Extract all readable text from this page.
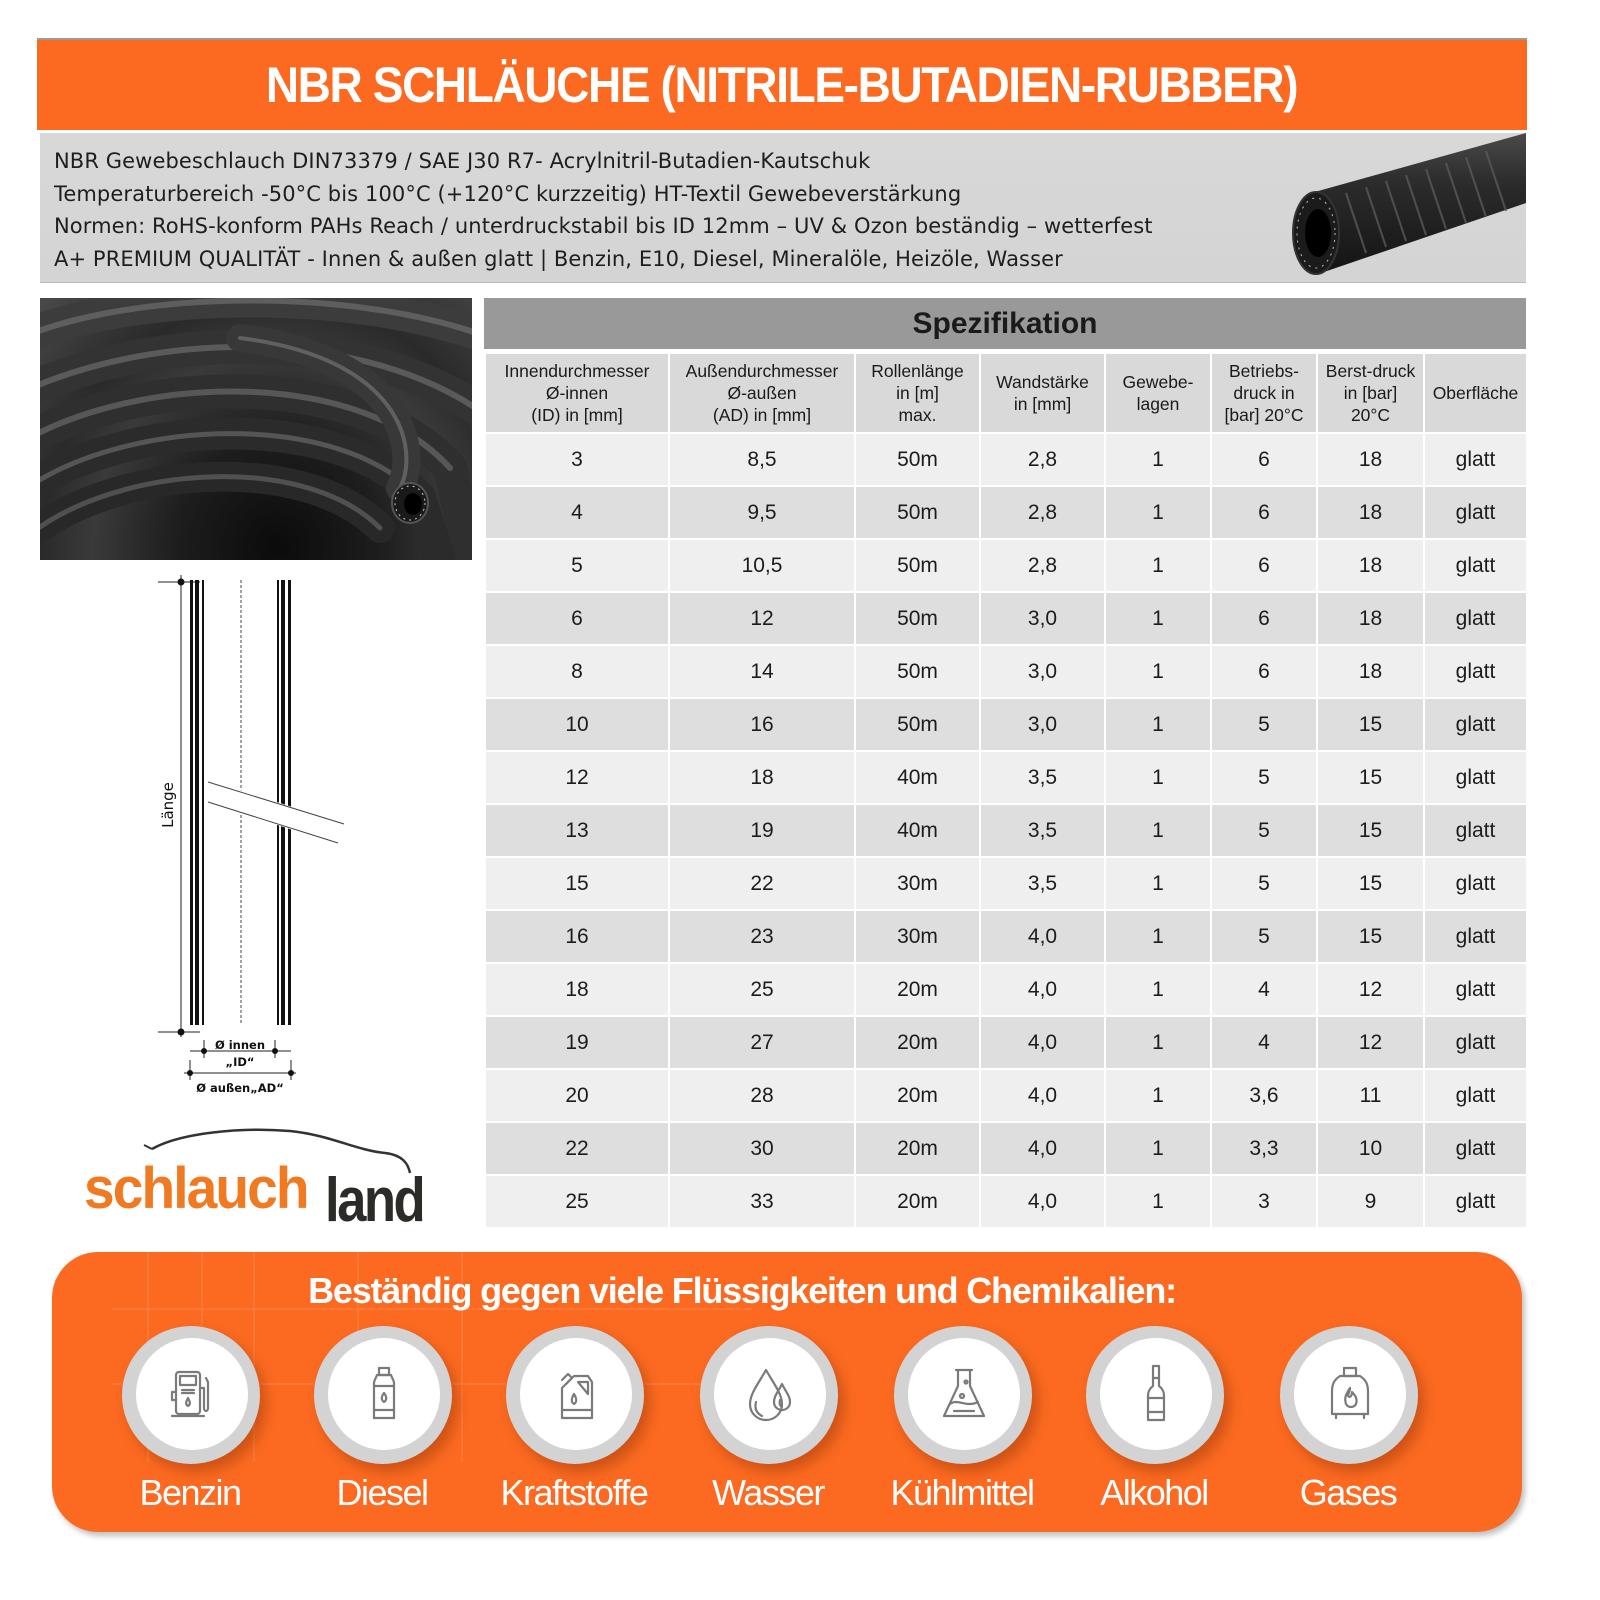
NBR SCHLÄUCHE (NITRILE-BUTADIEN-RUBBER)
NBR Gewebeschlauch DIN73379 / SAE J30 R7- Acrylnitril-Butadien-Kautschuk
Temperaturbereich -50°C bis 100°C (+120°C kurzzeitig) HT-Textil Gewebeverstärkung
Normen: RoHS-konform PAHs Reach / unterdruckstabil bis ID 12mm – UV & Ozon beständig – wetterfest
A+ PREMIUM QUALITÄT - Innen & außen glatt | Benzin, E10, Diesel, Mineralöle, Heizöle, Wasser
Länge
Ø innen
„ID“
Ø außen„AD“
schlauch land
Spezifikation
Innendurchmesser
Ø-innen
(ID) in [mm]	Außendurchmesser
Ø-außen
(AD) in [mm]	Rollenlänge
in [m]
max.	Wandstärke
in [mm]	Gewebe-
lagen	Betriebs-
druck in
[bar] 20°C	Berst-druck
in [bar]
20°C	Oberfläche
3	8,5	50m	2,8	1	6	18	glatt
4	9,5	50m	2,8	1	6	18	glatt
5	10,5	50m	2,8	1	6	18	glatt
6	12	50m	3,0	1	6	18	glatt
8	14	50m	3,0	1	6	18	glatt
10	16	50m	3,0	1	5	15	glatt
12	18	40m	3,5	1	5	15	glatt
13	19	40m	3,5	1	5	15	glatt
15	22	30m	3,5	1	5	15	glatt
16	23	30m	4,0	1	5	15	glatt
18	25	20m	4,0	1	4	12	glatt
19	27	20m	4,0	1	4	12	glatt
20	28	20m	4,0	1	3,6	11	glatt
22	30	20m	4,0	1	3,3	10	glatt
25	33	20m	4,0	1	3	9	glatt
Beständig gegen viele Flüssigkeiten und Chemikalien:
Benzin	Diesel	Kraftstoffe	Wasser	Kühlmittel	Alkohol	Gases
